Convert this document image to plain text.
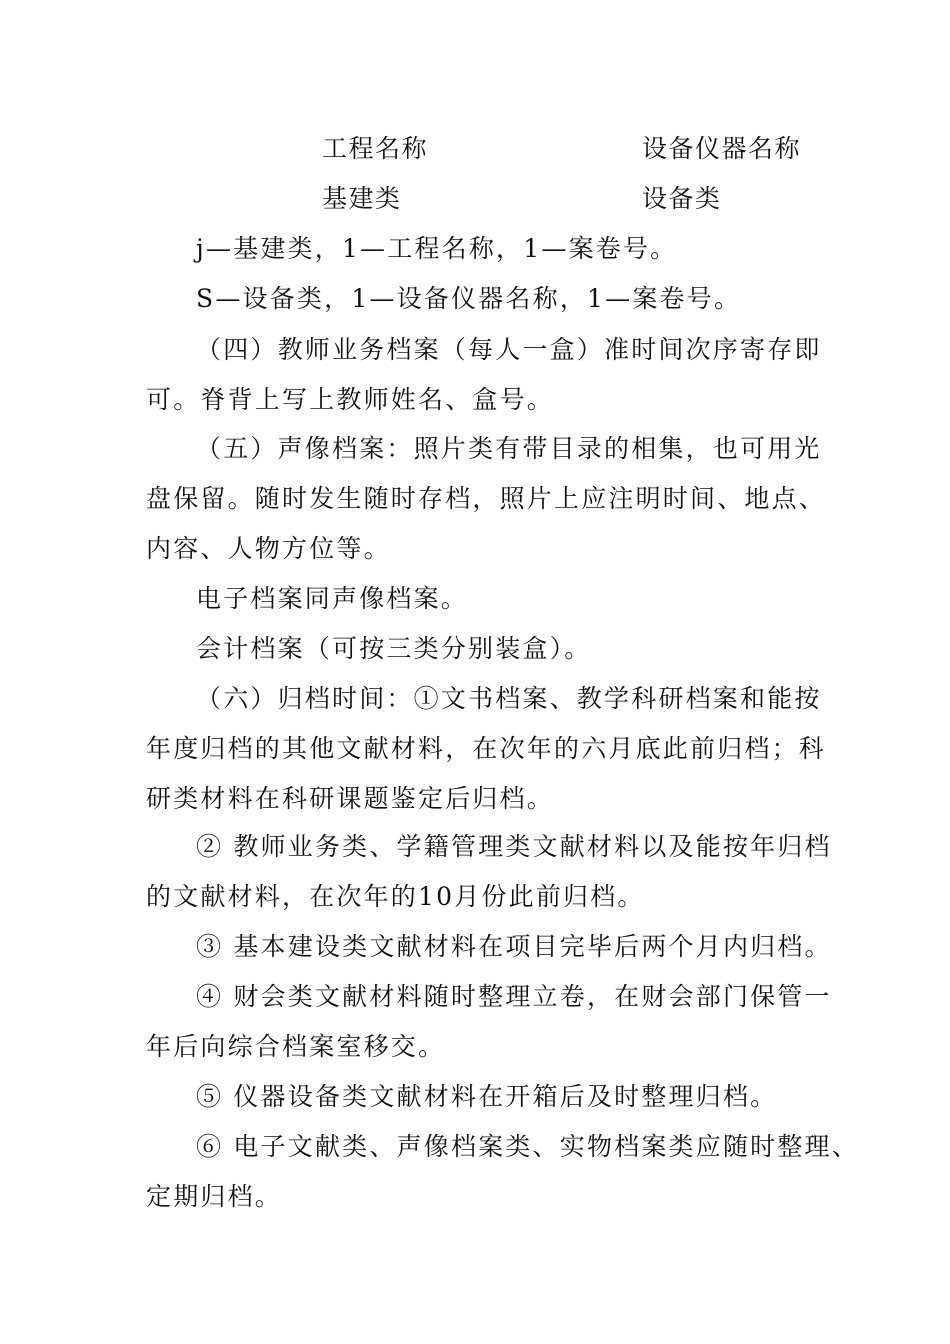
工程名称	设备仪器名称
基建类	设备类
j—基建类，1—工程名称，1—案卷号。
S—设备类，1—设备仪器名称，1—案卷号。
（四）教师业务档案（每人一盒）准时间次序寄存即
可。脊背上写上教师姓名、盒号。
（五）声像档案：照片类有带目录的相集，也可用光
盘保留。随时发生随时存档，照片上应注明时间、地点、
内容、人物方位等。
电子档案同声像档案。
会计档案（可按三类分别装盒）。
（六）归档时间：①文书档案、教学科研档案和能按
年度归档的其他文献材料，在次年的六月底此前归档；科
研类材料在科研课题鉴定后归档。
② 教师业务类、学籍管理类文献材料以及能按年归档
的文献材料，在次年的10月份此前归档。
③ 基本建设类文献材料在项目完毕后两个月内归档。
④ 财会类文献材料随时整理立卷，在财会部门保管一
年后向综合档案室移交。
⑤ 仪器设备类文献材料在开箱后及时整理归档。
⑥ 电子文献类、声像档案类、实物档案类应随时整理、
定期归档。
